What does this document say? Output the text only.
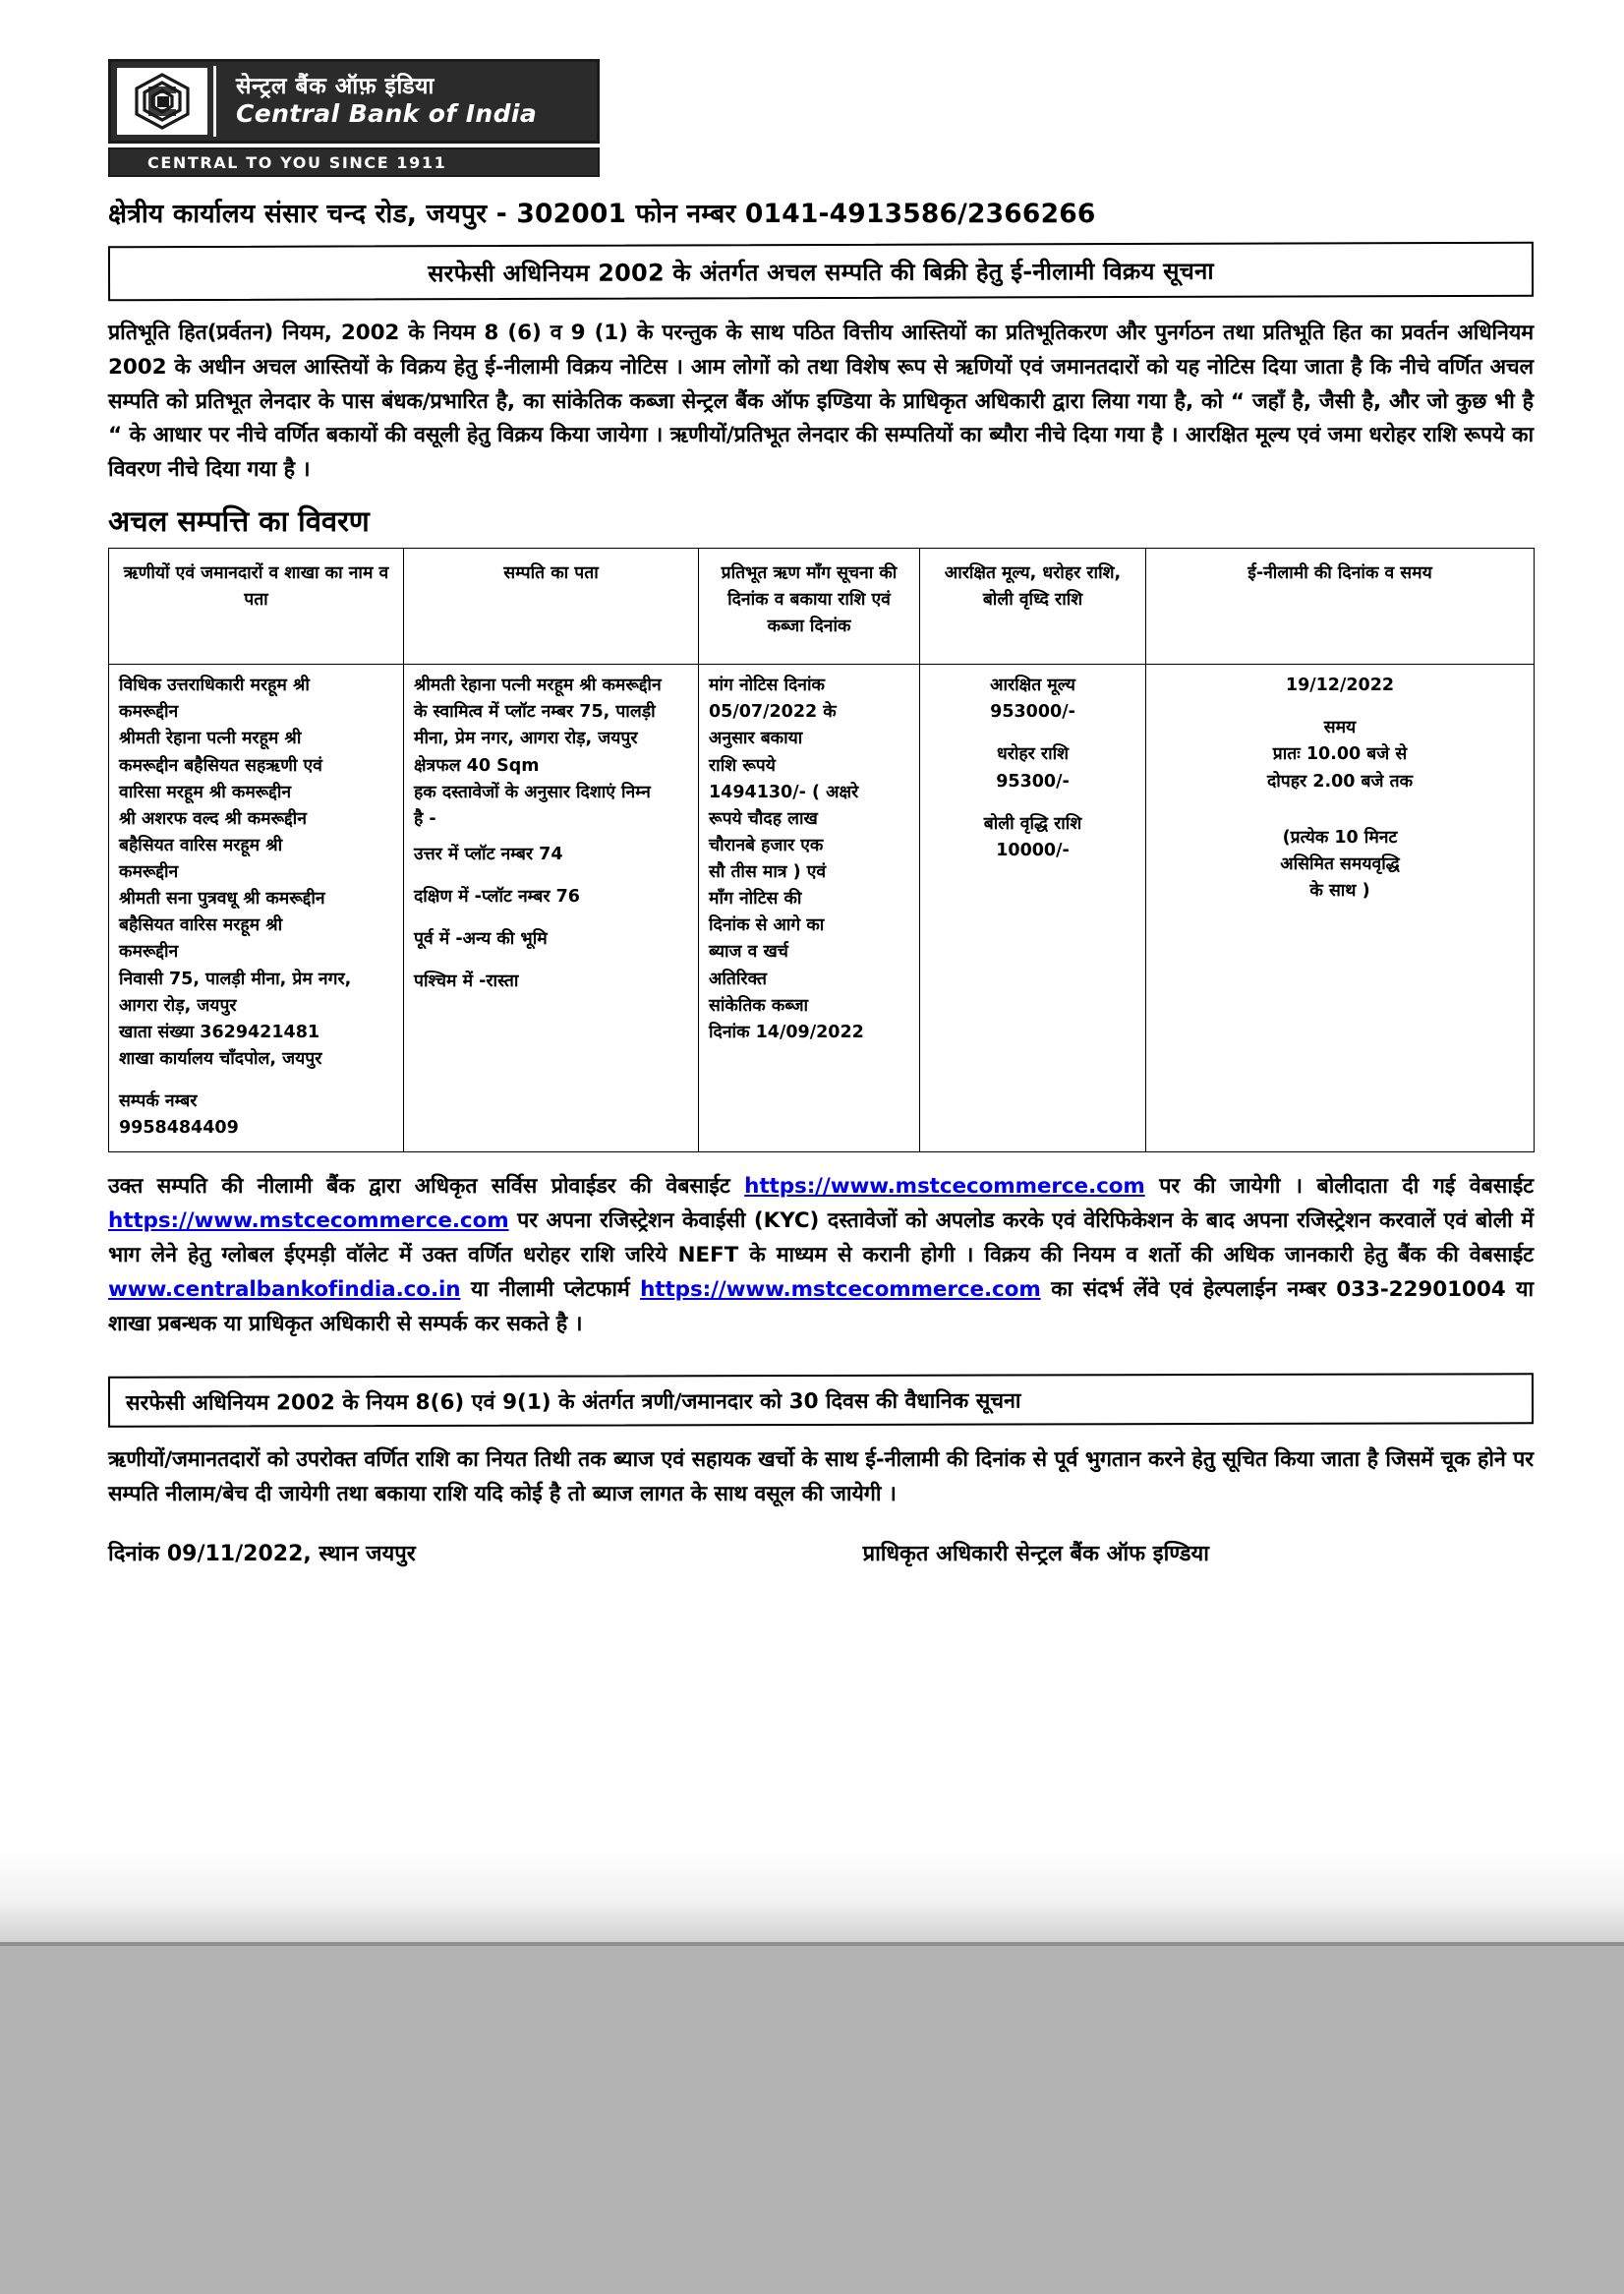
सेन्ट्रल बैंक ऑफ़ इंडिया
Central Bank of India
CENTRAL TO YOU SINCE 1911
क्षेत्रीय कार्यालय संसार चन्द रोड, जयपुर - 302001 फोन नम्बर 0141-4913586/2366266
सरफेसी अधिनियम 2002 के अंतर्गत अचल सम्पति की बिक्री हेतु ई-नीलामी विक्रय सूचना
प्रतिभूति हित(प्रर्वतन) नियम, 2002 के नियम 8 (6) व 9 (1) के परन्तुक के साथ पठित वित्तीय आस्तियों का प्रतिभूतिकरण और पुनर्गठन तथा प्रतिभूति हित का प्रवर्तन अधिनियम 2002 के अधीन अचल आस्तियों के विक्रय हेतु ई-नीलामी विक्रय नोटिस । आम लोगों को तथा विशेष रूप से ऋणियों एवं जमानतदारों को यह नोटिस दिया जाता है कि नीचे वर्णित अचल सम्पति को प्रतिभूत लेनदार के पास बंधक/प्रभारित है, का सांकेतिक कब्जा सेन्ट्रल बैंक ऑफ इण्डिया के प्राधिकृत अधिकारी द्वारा लिया गया है, को “ जहॉं है, जैसी है, और जो कुछ भी है “ के आधार पर नीचे वर्णित बकायों की वसूली हेतु विक्रय किया जायेगा । ऋणीयों/प्रतिभूत लेनदार की सम्पतियों का ब्यौरा नीचे दिया गया है । आरक्षित मूल्य एवं जमा धरोहर राशि रूपये का विवरण नीचे दिया गया है ।
अचल सम्पत्ति का विवरण
ऋणीयों एवं जमानदारों व शाखा का नाम व पता	सम्पति का पता	प्रतिभूत ऋण मॉंग सूचना की दिनांक व बकाया राशि एवं कब्जा दिनांक	आरक्षित मूल्य, धरोहर राशि, बोली वृध्दि राशि	ई-नीलामी की दिनांक व समय

विधिक उत्तराधिकारी मरहूम श्री
कमरूद्दीन
श्रीमती रेहाना पत्नी मरहूम श्री
कमरूद्दीन बहैसियत सहऋणी एवं
वारिसा मरहूम श्री कमरूद्दीन
श्री अशरफ वल्द श्री कमरूद्दीन
बहैसियत वारिस मरहूम श्री
कमरूद्दीन
श्रीमती सना पुत्रवधू श्री कमरूद्दीन
बहैसियत वारिस मरहूम श्री
कमरूद्दीन
निवासी 75, पालड़ी मीना, प्रेम नगर,
आगरा रोड़, जयपुर
खाता संख्या 3629421481
शाखा कार्यालय चॉंदपोल, जयपुर
सम्पर्क नम्बर
9958484409

श्रीमती रेहाना पत्नी मरहूम श्री कमरूद्दीन
के स्वामित्व में प्लॉट नम्बर 75, पालड़ी
मीना, प्रेम नगर, आगरा रोड़, जयपुर
क्षेत्रफल 40 Sqm
हक दस्तावेजों के अनुसार दिशाएं निम्न
है -
उत्तर में प्लॉट नम्बर 74
दक्षिण में -प्लॉट नम्बर 76
पूर्व में -अन्य की भूमि
पश्चिम में -रास्ता

मांग नोटिस दिनांक
05/07/2022 के
अनुसार बकाया
राशि रूपये
1494130/- ( अक्षरे
रूपये चौदह लाख
चौरानबे हजार एक
सौ तीस मात्र ) एवं
मॉंग नोटिस की
दिनांक से आगे का
ब्याज व खर्च
अतिरिक्त
सांकेतिक कब्जा
दिनांक 14/09/2022

आरक्षित मूल्य
953000/-
धरोहर राशि
95300/-
बोली वृद्धि राशि
10000/-

19/12/2022
समय
प्रातः 10.00 बजे से
दोपहर 2.00 बजे तक
(प्रत्येक 10 मिनट
असिमित समयवृद्धि
के साथ )
उक्त सम्पति की नीलामी बैंक द्वारा अधिकृत सर्विस प्रोवाईडर की वेबसाईट https://www.mstcecommerce.com पर की जायेगी । बोलीदाता दी गई वेबसाईट https://www.mstcecommerce.com पर अपना रजिस्ट्रेशन केवाईसी (KYC) दस्तावेजों को अपलोड करके एवं वेरिफिकेशन के बाद अपना रजिस्ट्रेशन करवालें एवं बोली में भाग लेने हेतु ग्लोबल ईएमड़ी वॉलेट में उक्त वर्णित धरोहर राशि जरिये NEFT के माध्यम से करानी होगी । विक्रय की नियम व शर्तो की अधिक जानकारी हेतु बैंक की वेबसाईट www.centralbankofindia.co.in या नीलामी प्लेटफार्म https://www.mstcecommerce.com का संदर्भ लेंवे एवं हेल्पलाईन नम्बर 033-22901004 या शाखा प्रबन्धक या प्राधिकृत अधिकारी से सम्पर्क कर सकते है ।
सरफेसी अधिनियम 2002 के नियम 8(6) एवं 9(1) के अंतर्गत त्रणी/जमानदार को 30 दिवस की वैधानिक सूचना
ऋणीयों/जमानतदारों को उपरोक्त वर्णित राशि का नियत तिथी तक ब्याज एवं सहायक खर्चो के साथ ई-नीलामी की दिनांक से पूर्व भुगतान करने हेतु सूचित किया जाता है जिसमें चूक होने पर सम्पति नीलाम/बेच दी जायेगी तथा बकाया राशि यदि कोई है तो ब्याज लागत के साथ वसूल की जायेगी ।
दिनांक 09/11/2022, स्थान जयपुर	प्राधिकृत अधिकारी सेन्ट्रल बैंक ऑफ इण्डिया
